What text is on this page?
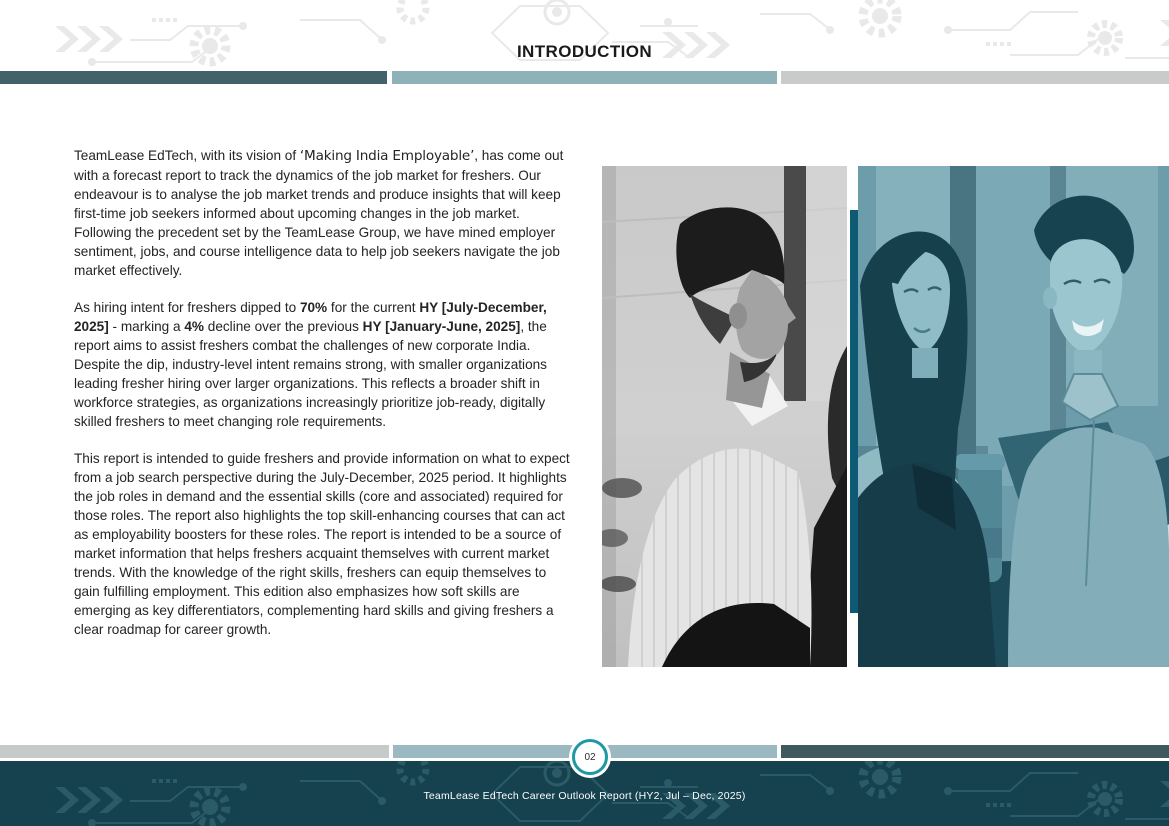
INTRODUCTION

TeamLease EdTech, with its vision of ‘Making India Employable’, has come out with a forecast report to track the dynamics of the job market for freshers. Our endeavour is to analyse the job market trends and produce insights that will keep first-time job seekers informed about upcoming changes in the job market. Following the precedent set by the TeamLease Group, we have mined employer sentiment, jobs, and course intelligence data to help job seekers navigate the job market effectively.

As hiring intent for freshers dipped to 70% for the current HY [July-December, 2025] - marking a 4% decline over the previous HY [January-June, 2025], the report aims to assist freshers combat the challenges of new corporate India. Despite the dip, industry-level intent remains strong, with smaller organizations leading fresher hiring over larger organizations. This reflects a broader shift in workforce strategies, as organizations increasingly prioritize job-ready, digitally skilled freshers to meet changing role requirements.

This report is intended to guide freshers and provide information on what to expect from a job search perspective during the July-December, 2025 period. It highlights the job roles in demand and the essential skills (core and associated) required for those roles. The report also highlights the top skill-enhancing courses that can act as employability boosters for these roles. The report is intended to be a source of market information that helps freshers acquaint themselves with current market trends. With the knowledge of the right skills, freshers can equip themselves to gain fulfilling employment. This edition also emphasizes how soft skills are emerging as key differentiators, complementing hard skills and giving freshers a clear roadmap for career growth.

02
TeamLease EdTech Career Outlook Report (HY2, Jul – Dec, 2025)
